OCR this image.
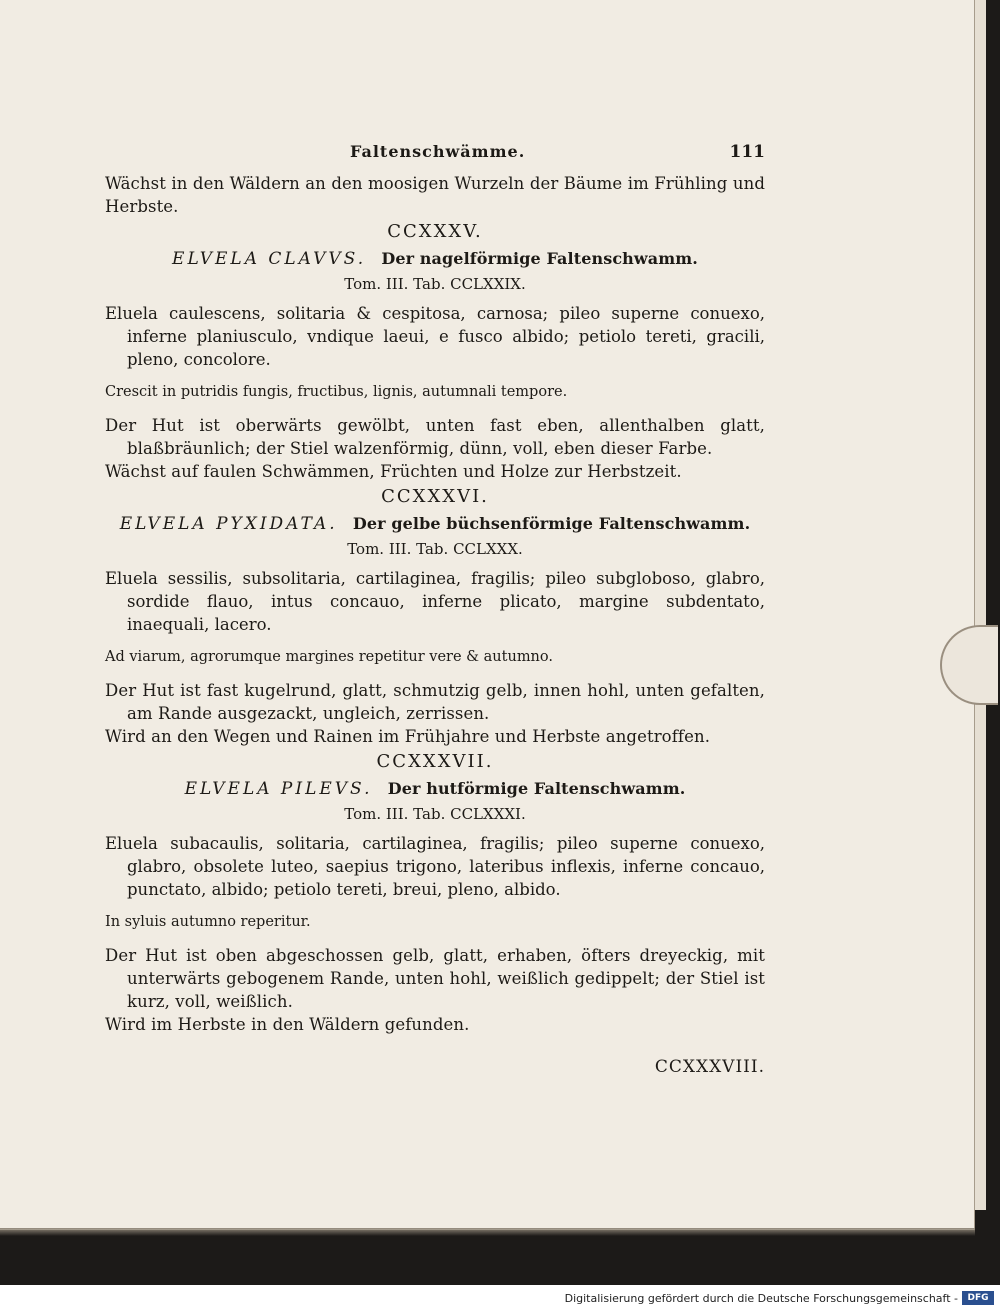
Faltenschwämme.	111

Wächst in den Wäldern an den moosigen Wurzeln der Bäume im Frühling und Herbste.

CCXXXV.
ELVELA CLAVVS. Der nagelförmige Faltenschwamm.
Tom. III. Tab. CCLXXIX.

Eluela caulescens, solitaria & cespitosa, carnosa; pileo superne conuexo, inferne planiusculo, vndique laeui, e fusco albido; petiolo tereti, gracili, pleno, concolore.

Crescit in putridis fungis, fructibus, lignis, autumnali tempore.

Der Hut ist oberwärts gewölbt, unten fast eben, allenthalben glatt, blaßbräunlich; der Stiel walzenförmig, dünn, voll, eben dieser Farbe.

Wächst auf faulen Schwämmen, Früchten und Holze zur Herbstzeit.

CCXXXVI.
ELVELA PYXIDATA. Der gelbe büchsenförmige Faltenschwamm.
Tom. III. Tab. CCLXXX.

Eluela sessilis, subsolitaria, cartilaginea, fragilis; pileo subgloboso, glabro, sordide flauo, intus concauo, inferne plicato, margine subdentato, inaequali, lacero.

Ad viarum, agrorumque margines repetitur vere & autumno.

Der Hut ist fast kugelrund, glatt, schmutzig gelb, innen hohl, unten gefalten, am Rande ausgezackt, ungleich, zerrissen.

Wird an den Wegen und Rainen im Frühjahre und Herbste angetroffen.

CCXXXVII.
ELVELA PILEVS. Der hutförmige Faltenschwamm.
Tom. III. Tab. CCLXXXI.

Eluela subacaulis, solitaria, cartilaginea, fragilis; pileo superne conuexo, glabro, obsolete luteo, saepius trigono, lateribus inflexis, inferne concauo, punctato, albido; petiolo tereti, breui, pleno, albido.

In syluis autumno reperitur.

Der Hut ist oben abgeschossen gelb, glatt, erhaben, öfters dreyeckig, mit unterwärts gebogenem Rande, unten hohl, weißlich gedippelt; der Stiel ist kurz, voll, weißlich.

Wird im Herbste in den Wäldern gefunden.

CCXXXVIII.
Digitalisierung gefördert durch die Deutsche Forschungsgemeinschaft -	DFG
